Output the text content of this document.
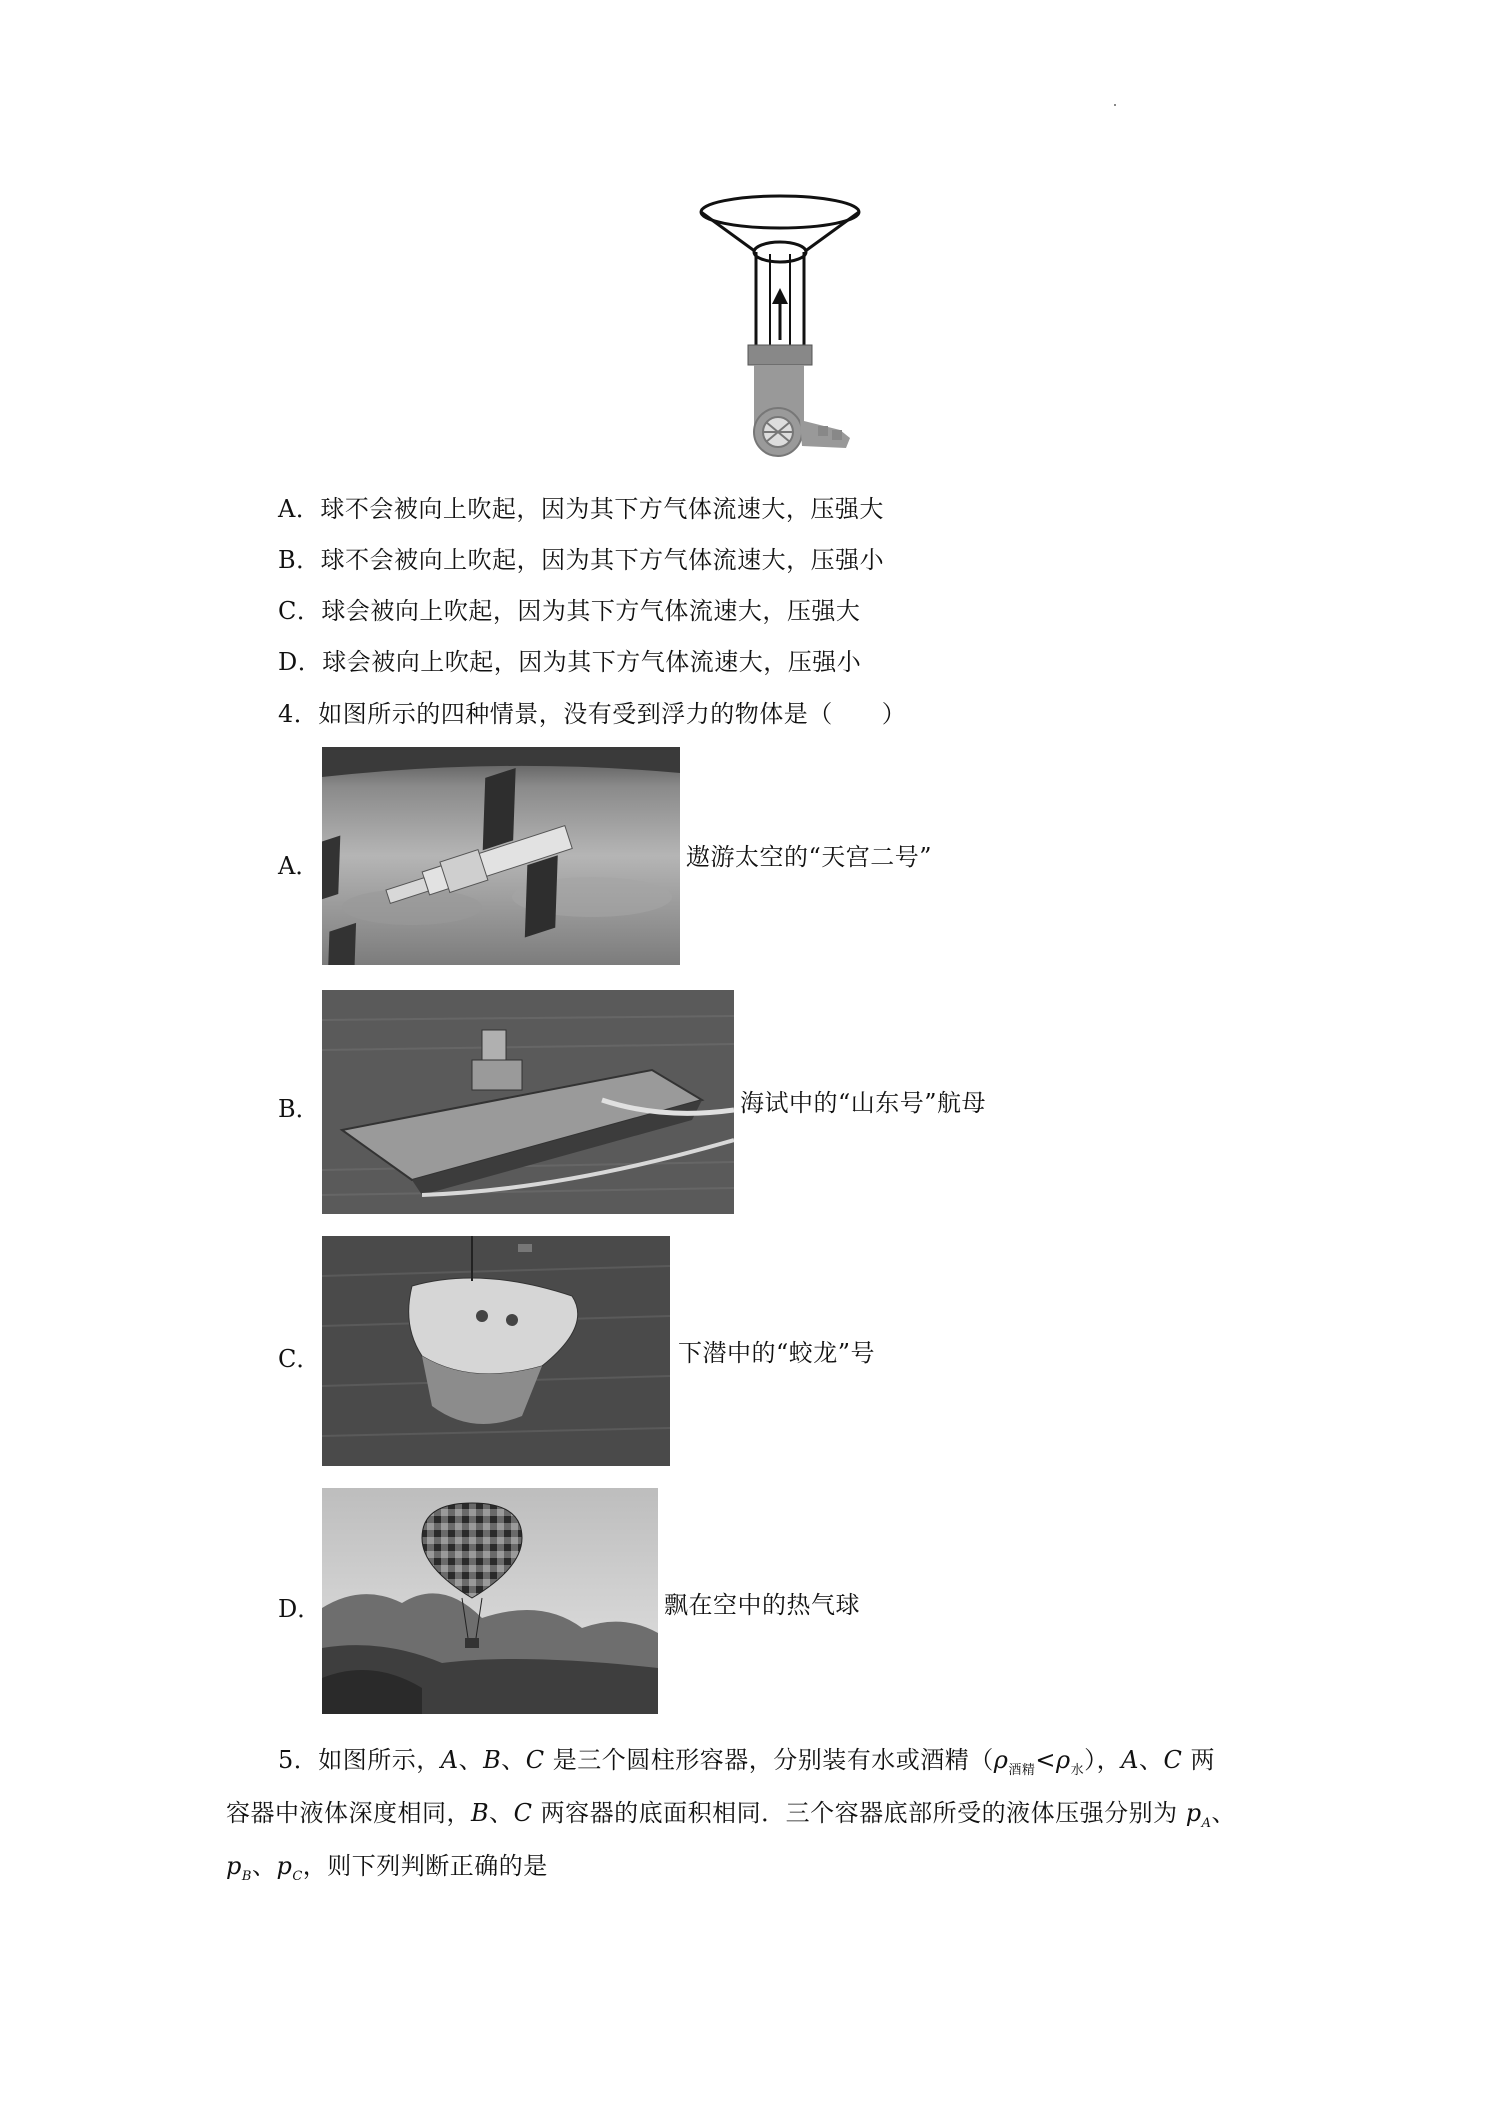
A．球不会被向上吹起，因为其下方气体流速大，压强大
B．球不会被向上吹起，因为其下方气体流速大，压强小
C．球会被向上吹起，因为其下方气体流速大，压强大
D．球会被向上吹起，因为其下方气体流速大，压强小
4．如图所示的四种情景，没有受到浮力的物体是（　　）
A．	遨游太空的“天宫二号”
B．	海试中的“山东号”航母
C．	下潜中的“蛟龙”号
D．	飘在空中的热气球
5．如图所示，A、B、C 是三个圆柱形容器，分别装有水或酒精$(\rho_{酒精}<\rho_水)$，A、C 两
容器中液体深度相同，B、C 两容器的底面积相同．三个容器底部所受的液体压强分别为 $p_A$、
$p_B$、$p_C$，则下列判断正确的是
